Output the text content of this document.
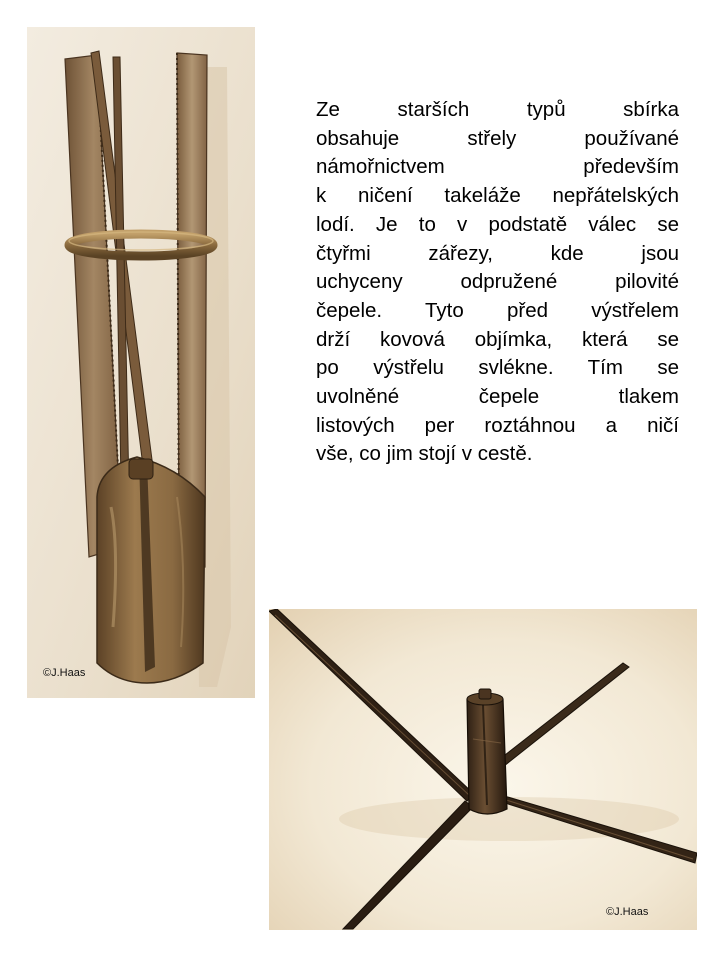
©J.Haas
Ze starších typů sbírka
obsahuje střely používané
námořnictvem především
k ničení takeláže nepřátelských
lodí. Je to v podstatě válec se
čtyřmi zářezy, kde jsou
uchyceny odpružené pilovité
čepele. Tyto před výstřelem
drží kovová objímka, která se
po výstřelu svlékne. Tím se
uvolněné čepele tlakem
listových per roztáhnou a ničí
vše, co jim stojí v cestě.
©J.Haas
